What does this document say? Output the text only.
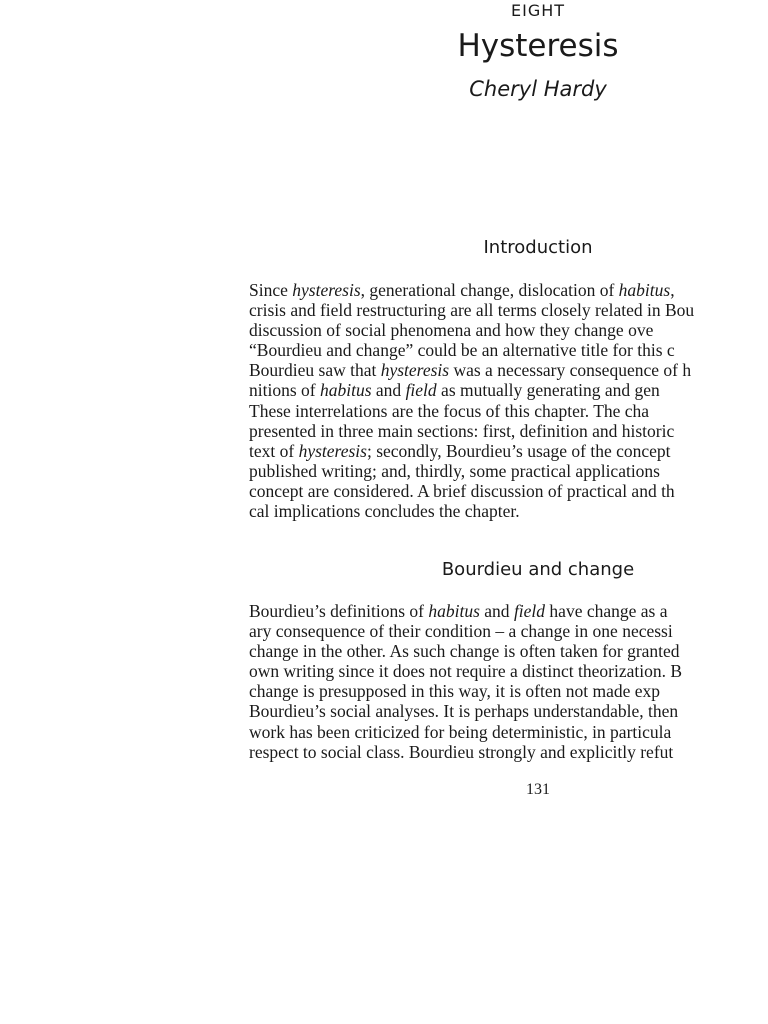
EIGHT
Hysteresis
Cheryl Hardy
Introduction
Since hysteresis, generational change, dislocation of habitus,
crisis and field restructuring are all terms closely related in Bou
discussion of social phenomena and how they change ove
“Bourdieu and change” could be an alternative title for this c
Bourdieu saw that hysteresis was a necessary consequence of h
nitions of habitus and field as mutually generating and gen
These interrelations are the focus of this chapter. The cha
presented in three main sections: first, definition and historic
text of hysteresis; secondly, Bourdieu’s usage of the concept
published writing; and, thirdly, some practical applications
concept are considered. A brief discussion of practical and th
cal implications concludes the chapter.
Bourdieu and change
Bourdieu’s definitions of habitus and field have change as a
ary consequence of their condition – a change in one necessi
change in the other. As such change is often taken for granted
own writing since it does not require a distinct theorization. B
change is presupposed in this way, it is often not made exp
Bourdieu’s social analyses. It is perhaps understandable, then
work has been criticized for being deterministic, in particula
respect to social class. Bourdieu strongly and explicitly refut
131
